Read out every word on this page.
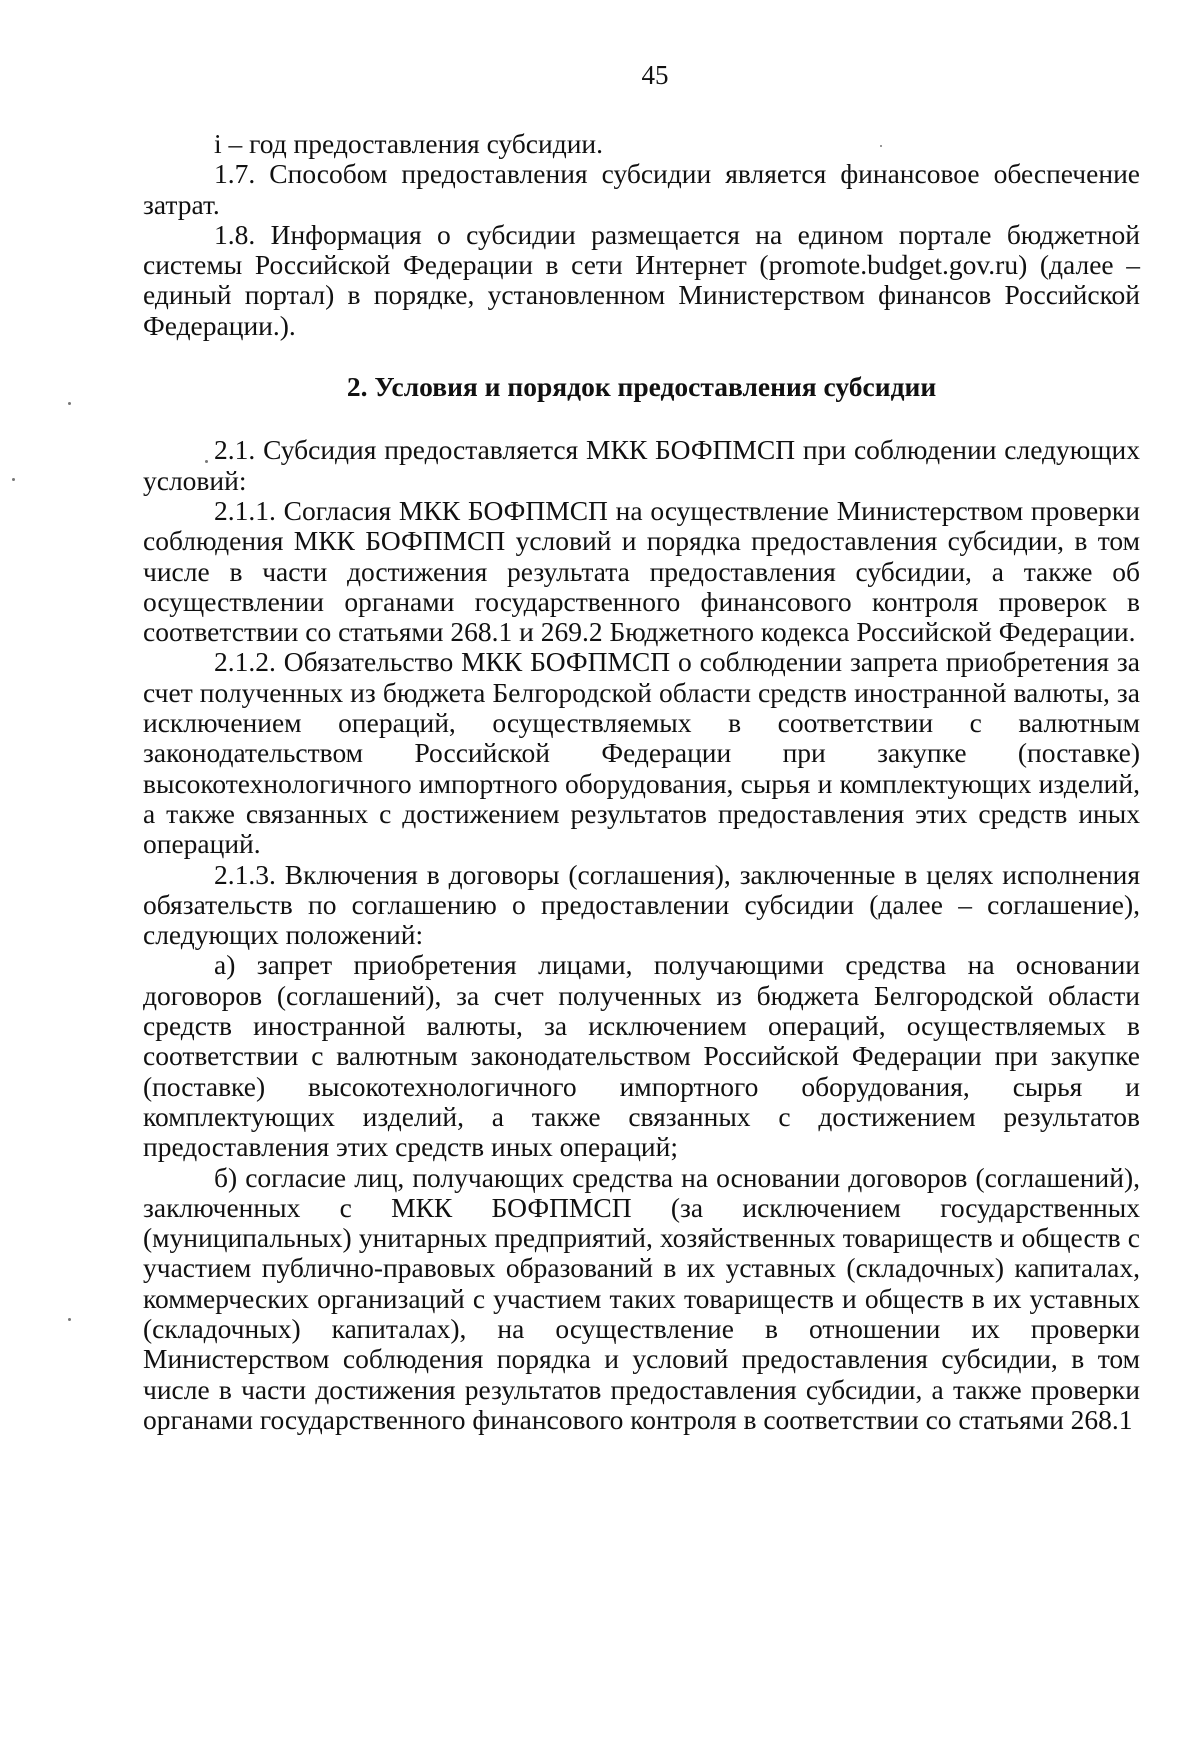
45

i – год предоставления субсидии.

1.7. Способом предоставления субсидии является финансовое обеспечение затрат.

1.8. Информация о субсидии размещается на едином портале бюджетной системы Российской Федерации в сети Интернет (promote.budget.gov.ru) (далее – единый портал) в порядке, установленном Министерством финансов Российской Федерации.).

2. Условия и порядок предоставления субсидии

2.1. Субсидия предоставляется МКК БОФПМСП при соблюдении следующих условий:

2.1.1. Согласия МКК БОФПМСП на осуществление Министерством проверки соблюдения МКК БОФПМСП условий и порядка предоставления субсидии, в том числе в части достижения результата предоставления субсидии, а также об осуществлении органами государственного финансового контроля проверок в соответствии со статьями 268.1 и 269.2 Бюджетного кодекса Российской Федерации.

2.1.2. Обязательство МКК БОФПМСП о соблюдении запрета приобретения за счет полученных из бюджета Белгородской области средств иностранной валюты, за исключением операций, осуществляемых в соответствии с валютным законодательством Российской Федерации при закупке (поставке) высокотехнологичного импортного оборудования, сырья и комплектующих изделий, а также связанных с достижением результатов предоставления этих средств иных операций.

2.1.3. Включения в договоры (соглашения), заключенные в целях исполнения обязательств по соглашению о предоставлении субсидии (далее – соглашение), следующих положений:

а) запрет приобретения лицами, получающими средства на основании договоров (соглашений), за счет полученных из бюджета Белгородской области средств иностранной валюты, за исключением операций, осуществляемых в соответствии с валютным законодательством Российской Федерации при закупке (поставке) высокотехнологичного импортного оборудования, сырья и комплектующих изделий, а также связанных с достижением результатов предоставления этих средств иных операций;

б) согласие лиц, получающих средства на основании договоров (соглашений), заключенных с МКК БОФПМСП (за исключением государственных (муниципальных) унитарных предприятий, хозяйственных товариществ и обществ с участием публично-правовых образований в их уставных (складочных) капиталах, коммерческих организаций с участием таких товариществ и обществ в их уставных (складочных) капиталах), на осуществление в отношении их проверки Министерством соблюдения порядка и условий предоставления субсидии, в том числе в части достижения результатов предоставления субсидии, а также проверки органами государственного финансового контроля в соответствии со статьями 268.1
